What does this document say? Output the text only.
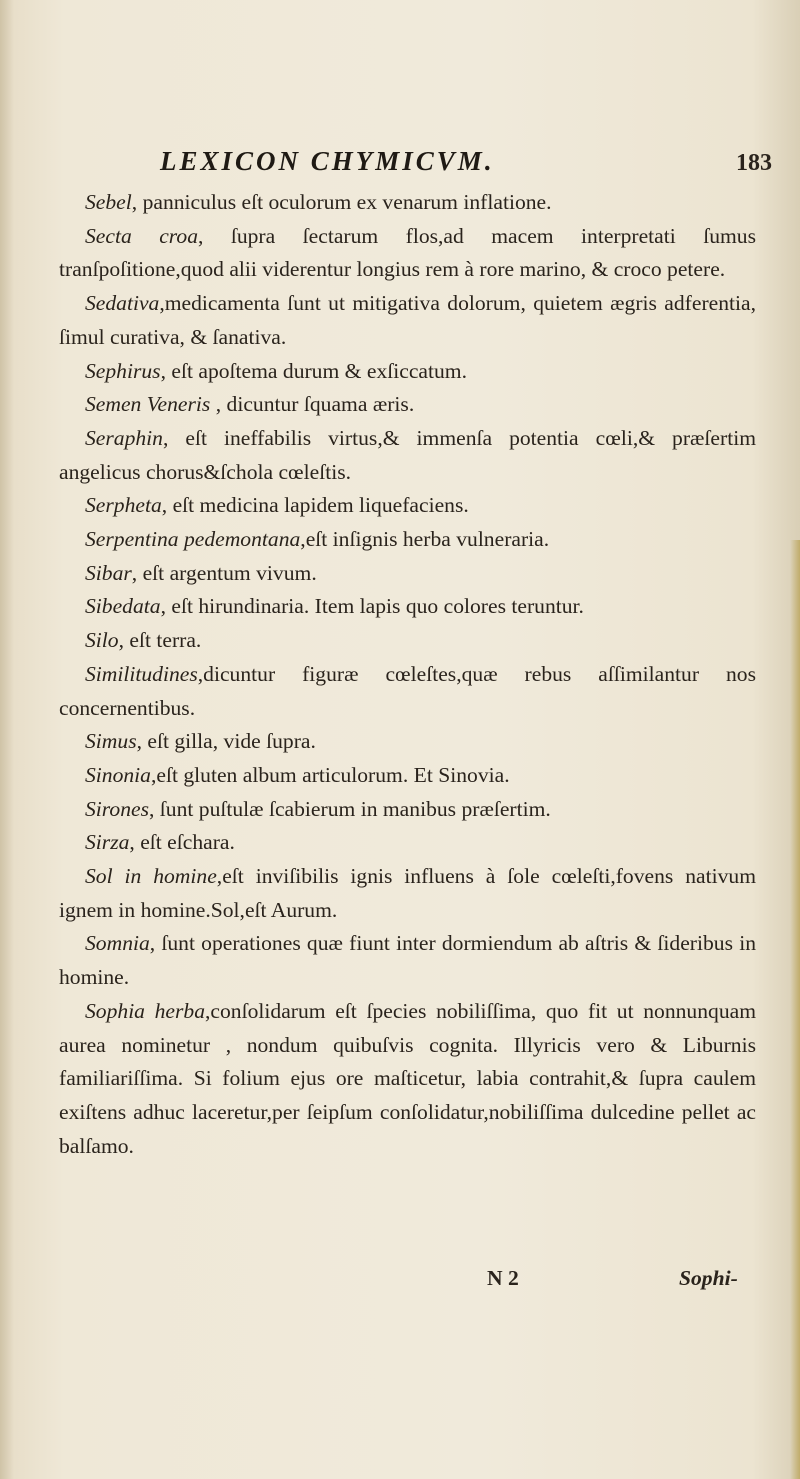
LEXICON CHYMICVM.	183

Sebel, panniculus eſt oculorum ex venarum inflatione.

Secta croa, ſupra ſectarum flos,ad macem interpretati ſumus tranſpoſitione,quod alii viderentur longius rem à rore marino, & croco petere.

Sedativa,medicamenta ſunt ut mitigativa dolorum, quietem ægris adferentia, ſimul curativa, & ſanativa.

Sephirus, eſt apoſtema durum & exſiccatum.

Semen Veneris , dicuntur ſquama æris.

Seraphin, eſt ineffabilis virtus,& immenſa potentia cœli,& præſertim angelicus chorus&ſchola cœleſtis.

Serpheta, eſt medicina lapidem liquefaciens.

Serpentina pedemontana,eſt inſignis herba vulneraria.

Sibar, eſt argentum vivum.

Sibedata, eſt hirundinaria. Item lapis quo colores teruntur.

Silo, eſt terra.

Similitudines,dicuntur figuræ cœleſtes,quæ rebus aſſimilantur nos concernentibus.

Simus, eſt gilla, vide ſupra.

Sinonia,eſt gluten album articulorum. Et Sinovia.

Sirones, ſunt puſtulæ ſcabierum in manibus præſertim.

Sirza, eſt eſchara.

Sol in homine,eſt inviſibilis ignis influens à ſole cœleſti,fovens nativum ignem in homine.Sol,eſt Aurum.

Somnia, ſunt operationes quæ fiunt inter dormiendum ab aſtris & ſideribus in homine.

Sophia herba,conſolidarum eſt ſpecies nobiliſſima, quo fit ut nonnunquam aurea nominetur , nondum quibuſvis cognita. Illyricis vero & Liburnis familiariſſima. Si folium ejus ore maſticetur, labia contrahit,& ſupra caulem exiſtens adhuc laceretur,per ſeipſum conſolidatur,nobiliſſima dulcedine pellet ac balſamo.

N 2	Sophi-
